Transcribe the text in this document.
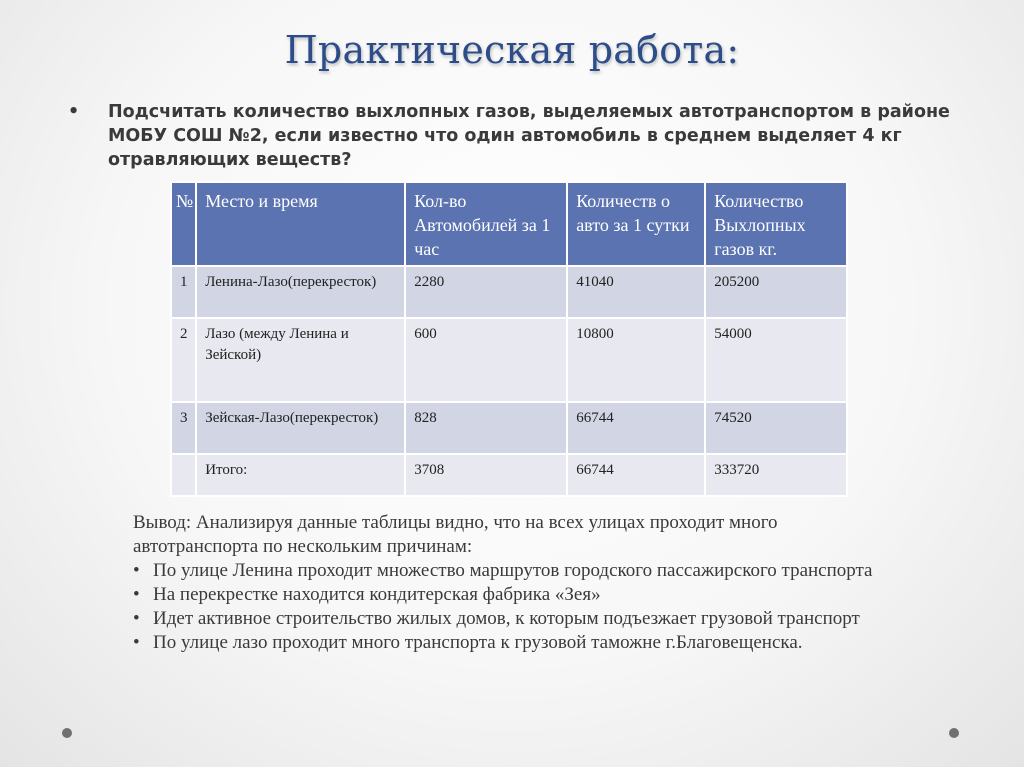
Практическая работа:
•	Подсчитать количество выхлопных газов, выделяемых автотранспортом в районе МОБУ СОШ №2, если известно что один автомобиль в среднем выделяет 4 кг отравляющих веществ?
№	Место и время	Кол-во Автомобилей за 1 час	Количеств о авто за 1 сутки	Количество Выхлопных газов кг.
1	Ленина-Лазо(перекресток)	2280	41040	205200
2	Лазо (между Ленина и Зейской)	600	10800	54000
3	Зейская-Лазо(перекресток)	828	66744	74520
	Итого:	3708	66744	333720
Вывод: Анализируя данные таблицы видно, что на всех улицах проходит много автотранспорта по нескольким причинам:
• По улице Ленина проходит множество маршрутов городского пассажирского транспорта
• На перекрестке находится кондитерская фабрика «Зея»
• Идет активное строительство жилых домов, к которым подъезжает грузовой транспорт
• По улице лазо проходит много транспорта к грузовой таможне г.Благовещенска.
